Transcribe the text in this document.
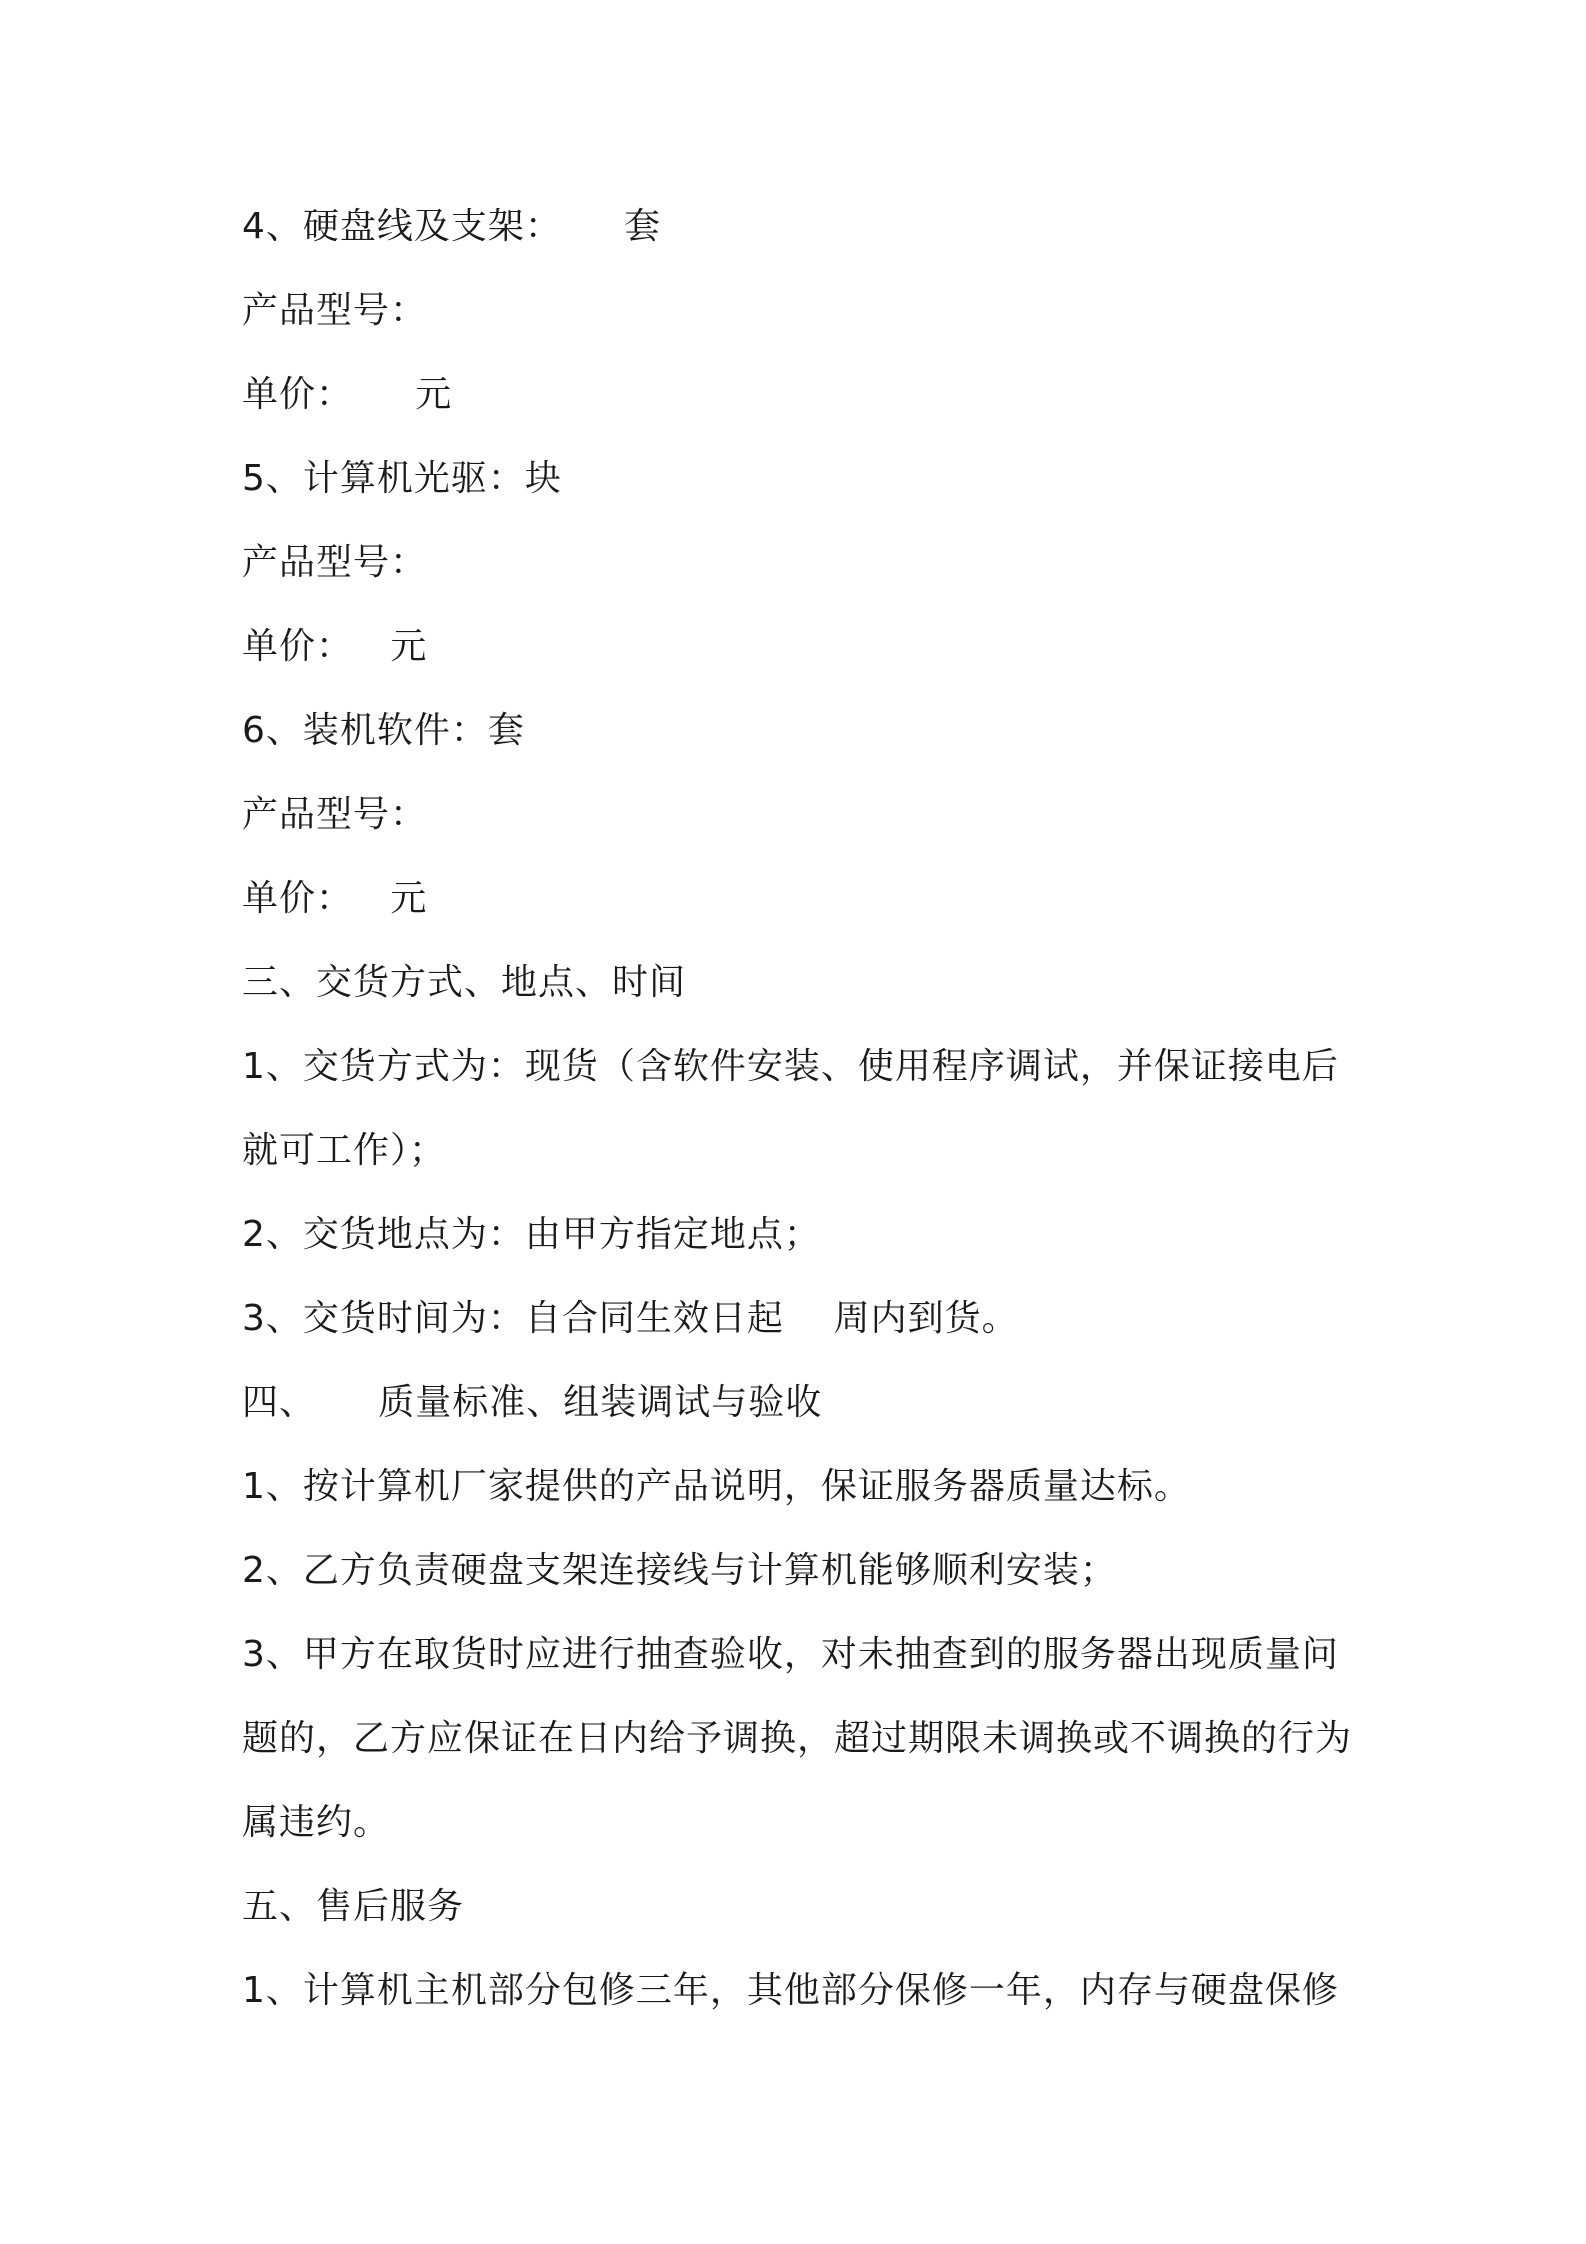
4、硬盘线及支架：     套
产品型号：
单价：     元
5、计算机光驱：块
产品型号：
单价：   元
6、装机软件：套
产品型号：
单价：   元
三、交货方式、地点、时间
1、交货方式为：现货（含软件安装、使用程序调试，并保证接电后
就可工作）；
2、交货地点为：由甲方指定地点；
3、交货时间为：自合同生效日起    周内到货。
四、     质量标准、组装调试与验收
1、按计算机厂家提供的产品说明，保证服务器质量达标。
2、乙方负责硬盘支架连接线与计算机能够顺利安装；
3、甲方在取货时应进行抽查验收，对未抽查到的服务器出现质量问
题的，乙方应保证在日内给予调换，超过期限未调换或不调换的行为
属违约。
五、售后服务
1、计算机主机部分包修三年，其他部分保修一年，内存与硬盘保修
